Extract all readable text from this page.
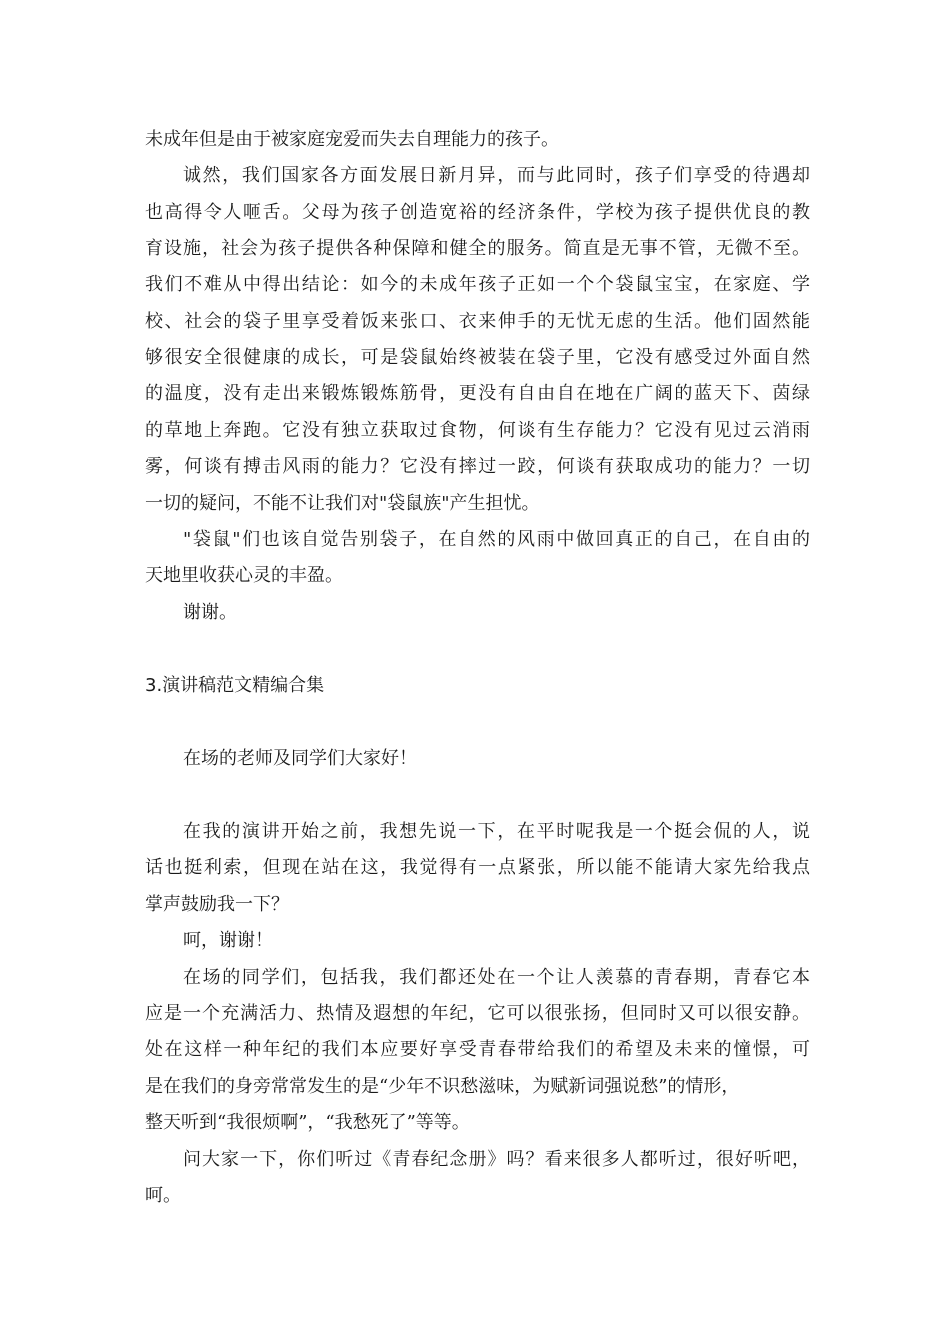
未成年但是由于被家庭宠爱而失去自理能力的孩子。
诚然，我们国家各方面发展日新月异，而与此同时，孩子们享受的待遇却
也高得令人咂舌。父母为孩子创造宽裕的经济条件，学校为孩子提供优良的教
育设施，社会为孩子提供各种保障和健全的服务。简直是无事不管，无微不至。
我们不难从中得出结论：如今的未成年孩子正如一个个袋鼠宝宝，在家庭、学
校、社会的袋子里享受着饭来张口、衣来伸手的无忧无虑的生活。他们固然能
够很安全很健康的成长，可是袋鼠始终被装在袋子里，它没有感受过外面自然
的温度，没有走出来锻炼锻炼筋骨，更没有自由自在地在广阔的蓝天下、茵绿
的草地上奔跑。它没有独立获取过食物，何谈有生存能力？它没有见过云消雨
雾，何谈有搏击风雨的能力？它没有摔过一跤，何谈有获取成功的能力？一切
一切的疑问，不能不让我们对"袋鼠族"产生担忧。
"袋鼠"们也该自觉告别袋子，在自然的风雨中做回真正的自己，在自由的
天地里收获心灵的丰盈。
谢谢。
3.演讲稿范文精编合集
在场的老师及同学们大家好！
在我的演讲开始之前，我想先说一下，在平时呢我是一个挺会侃的人，说
话也挺利索，但现在站在这，我觉得有一点紧张，所以能不能请大家先给我点
掌声鼓励我一下？
呵，谢谢！
在场的同学们，包括我，我们都还处在一个让人羡慕的青春期，青春它本
应是一个充满活力、热情及遐想的年纪，它可以很张扬，但同时又可以很安静。
处在这样一种年纪的我们本应要好享受青春带给我们的希望及未来的憧憬，可
是在我们的身旁常常发生的是“少年不识愁滋味，为赋新词强说愁”的情形，
整天听到“我很烦啊”，“我愁死了”等等。
问大家一下，你们听过《青春纪念册》吗？看来很多人都听过，很好听吧，
呵。
